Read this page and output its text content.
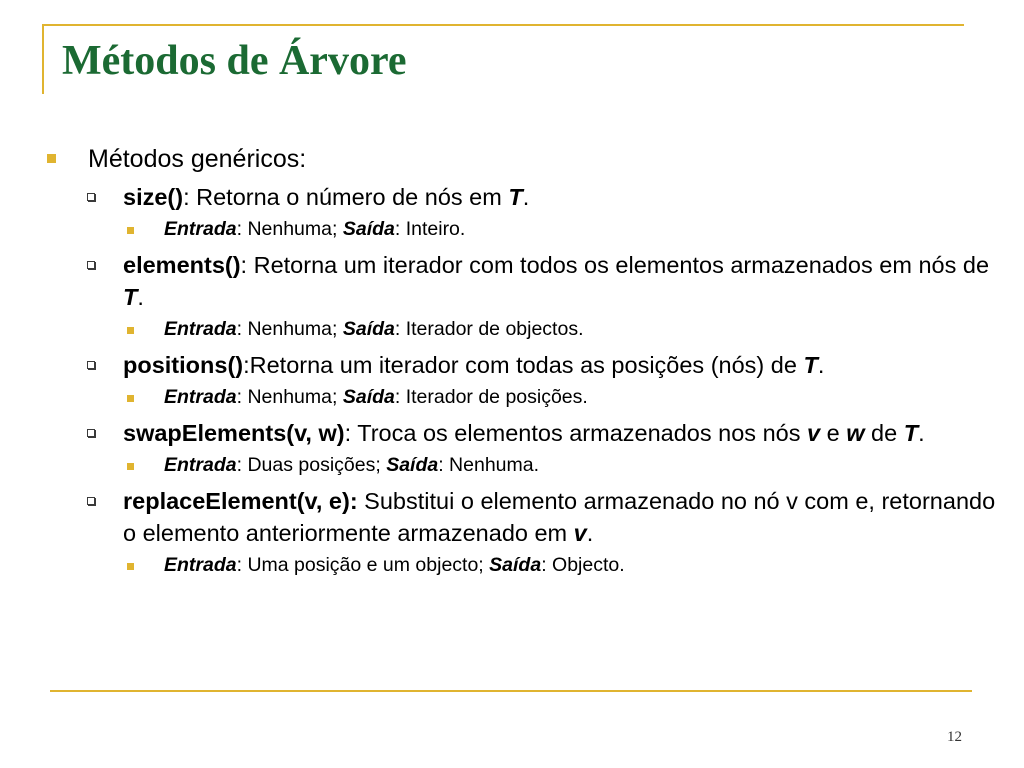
Métodos de Árvore
Métodos genéricos:
size(): Retorna o número de nós em T.
Entrada: Nenhuma; Saída: Inteiro.
elements(): Retorna um iterador com todos os elementos armazenados em nós de T.
Entrada: Nenhuma; Saída: Iterador de objectos.
positions():Retorna um iterador com todas as posições (nós) de T.
Entrada: Nenhuma; Saída: Iterador de posições.
swapElements(v, w): Troca os elementos armazenados nos nós v e w de T.
Entrada: Duas posições; Saída: Nenhuma.
replaceElement(v, e): Substitui o elemento armazenado no nó v com e, retornando o elemento anteriormente armazenado em v.
Entrada: Uma posição e um objecto; Saída: Objecto.
12
